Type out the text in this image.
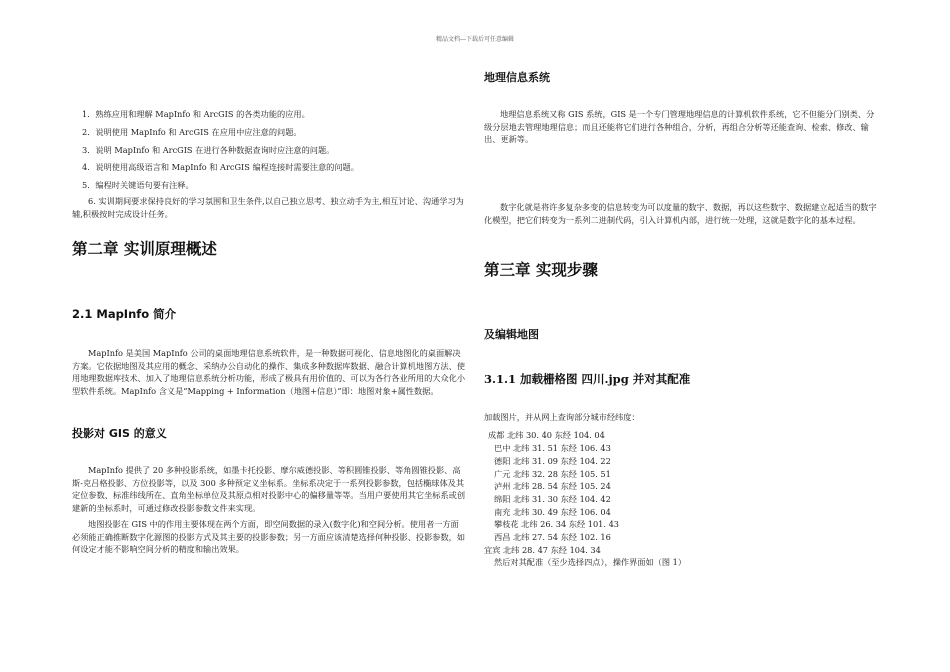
精品文档---下载后可任意编辑
1．熟练应用和理解 MapInfo 和 ArcGIS 的各类功能的应用。
2．说明使用 MapInfo 和 ArcGIS 在应用中应注意的问题。
3．说明 MapInfo 和 ArcGIS 在进行各种数据查询时应注意的问题。
4．说明使用高级语言和 MapInfo 和 ArcGIS 编程连接时需要注意的问题。
5．编程时关键语句要有注释。
6. 实训期间要求保持良好的学习氛围和卫生条件,以自己独立思考、独立动手为主,相互讨论、沟通学习为辅,积极按时完成设计任务。
第二章 实训原理概述
2.1 MapInfo 简介
MapInfo 是美国 MapInfo 公司的桌面地理信息系统软件，是一种数据可视化、信息地图化的桌面解决方案。它依据地图及其应用的概念、采纳办公自动化的操作、集成多种数据库数据、融合计算机地图方法、使用地理数据库技术、加入了地理信息系统分析功能，形成了极具有用价值的、可以为各行各业所用的大众化小型软件系统。MapInfo 含义是“Mapping + Information（地图+信息）”即：地图对象+属性数据。
投影对 GIS 的意义
MapInfo 提供了 20 多种投影系统，如墨卡托投影、摩尔威德投影、等积圆锥投影、等角圆锥投影、高斯-克吕格投影、方位投影等，以及 300 多种预定义坐标系。坐标系决定于一系列投影参数，包括椭球体及其定位参数、标准纬线所在、直角坐标单位及其原点相对投影中心的偏移量等等。当用户要使用其它坐标系或创建新的坐标系时，可通过修改投影参数文件来实现。
地图投影在 GIS 中的作用主要体现在两个方面，即空间数据的录入(数字化)和空间分析。使用者一方面必须能正确推断数字化源图的投影方式及其主要的投影参数；另一方面应该清楚选择何种投影、投影参数，如何设定才能不影响空间分析的精度和输出效果。
地理信息系统
地理信息系统又称 GIS 系统，GIS 是一个专门管理地理信息的计算机软件系统，它不但能分门别类、分级分层地去管理地理信息；而且还能将它们进行各种组合，分析，再组合分析等还能查询、检索、修改、输出、更新等。
数字化就是将许多复杂多变的信息转变为可以度量的数字、数据，再以这些数字、数据建立起适当的数字化模型，把它们转变为一系列二进制代码，引入计算机内部，进行统一处理，这就是数字化的基本过程。
第三章 实现步骤
及编辑地图
3.1.1 加载栅格图 四川.jpg 并对其配准
加载图片，并从网上查询部分城市经纬度：
成都 北纬 30. 40 东经 104. 04
巴中 北纬 31. 51 东经 106. 43
德阳 北纬 31. 09 东经 104. 22
广元 北纬 32. 28 东经 105. 51
泸州 北纬 28. 54 东经 105. 24
绵阳 北纬 31. 30 东经 104. 42
南充 北纬 30. 49 东经 106. 04
攀枝花 北纬 26. 34 东经 101. 43
西昌 北纬 27. 54 东经 102. 16
宜宾 北纬 28. 47 东经 104. 34
然后对其配准（至少选择四点），操作界面如（图 1）
